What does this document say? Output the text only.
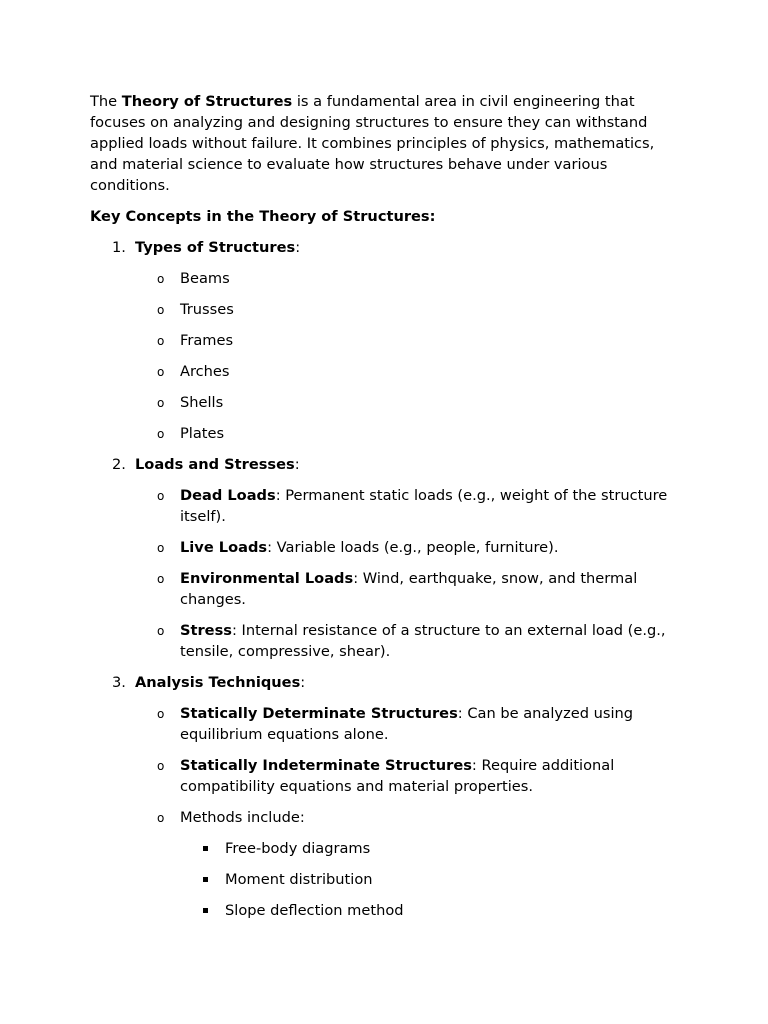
The Theory of Structures is a fundamental area in civil engineering that focuses on analyzing and designing structures to ensure they can withstand applied loads without failure. It combines principles of physics, mathematics, and material science to evaluate how structures behave under various conditions.

Key Concepts in the Theory of Structures:

1. Types of Structures:
o Beams
o Trusses
o Frames
o Arches
o Shells
o Plates
2. Loads and Stresses:
o Dead Loads: Permanent static loads (e.g., weight of the structure itself).
o Live Loads: Variable loads (e.g., people, furniture).
o Environmental Loads: Wind, earthquake, snow, and thermal changes.
o Stress: Internal resistance of a structure to an external load (e.g., tensile, compressive, shear).
3. Analysis Techniques:
o Statically Determinate Structures: Can be analyzed using equilibrium equations alone.
o Statically Indeterminate Structures: Require additional compatibility equations and material properties.
o Methods include:
Free-body diagrams
Moment distribution
Slope deflection method
